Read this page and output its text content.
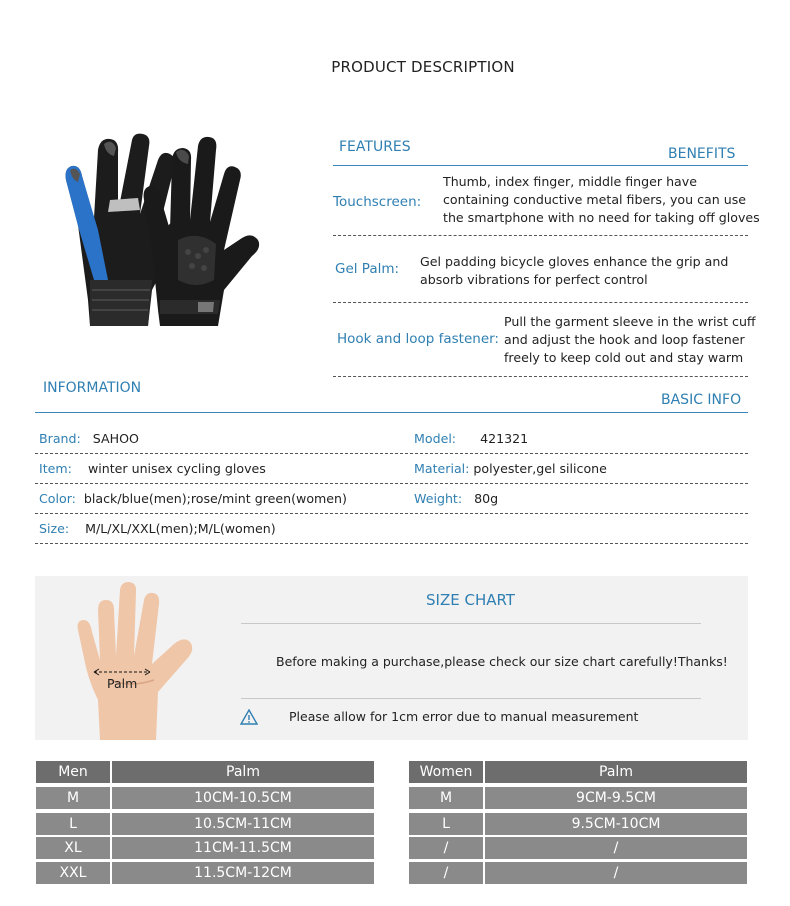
PRODUCT DESCRIPTION
FEATURES	BENEFITS
Touchscreen:
Thumb, index finger, middle finger have
containing conductive metal fibers, you can use
the smartphone with no need for taking off gloves
Gel Palm: Gel padding bicycle gloves enhance the grip and
absorb vibrations for perfect control
Hook and loop fastener:
Pull the garment sleeve in the wrist cuff
and adjust the hook and loop fastener
freely to keep cold out and stay warm
INFORMATION
BASIC INFO
Brand: SAHOO	Model: 421321
Item: winter unisex cycling gloves	Material: polyester,gel silicone
Color: black/blue(men);rose/mint green(women)	Weight: 80g
Size: M/L/XL/XXL(men);M/L(women)
Palm
SIZE CHART
Before making a purchase,please check our size chart carefully!Thanks!
Please allow for 1cm error due to manual measurement
Men	Palm
M	10CM-10.5CM
L	10.5CM-11CM
XL	11CM-11.5CM
XXL	11.5CM-12CM
Women	Palm
M	9CM-9.5CM
L	9.5CM-10CM
/	/
/	/
